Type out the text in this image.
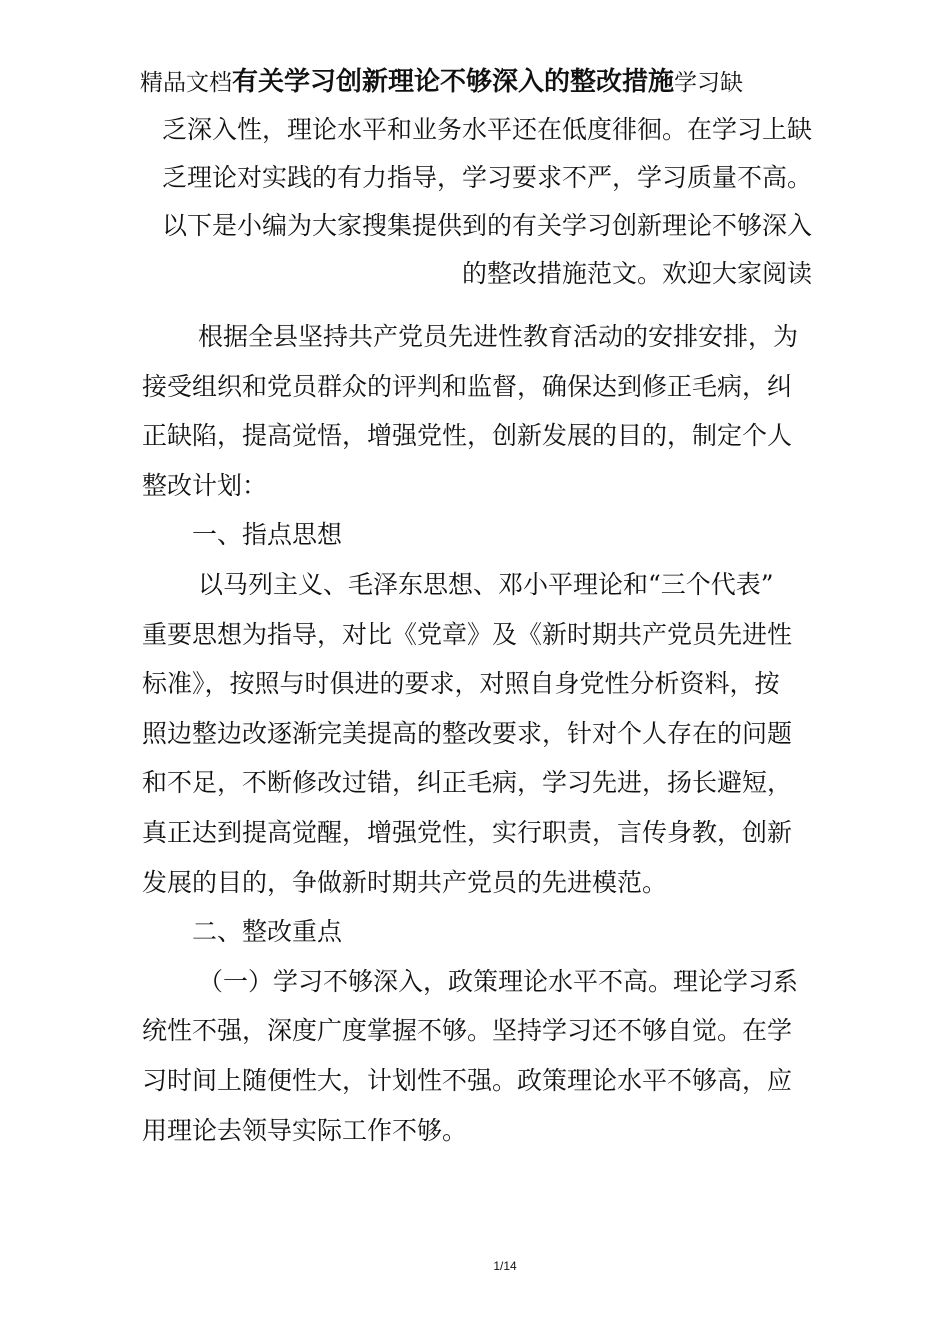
精品文档有关学习创新理论不够深入的整改措施学习缺
乏深入性，理论水平和业务水平还在低度徘徊。在学习上缺
乏理论对实践的有力指导，学习要求不严，学习质量不高。
以下是小编为大家搜集提供到的有关学习创新理论不够深入
的整改措施范文。欢迎大家阅读
根据全县坚持共产党员先进性教育活动的安排安排，为
接受组织和党员群众的评判和监督，确保达到修正毛病，纠
正缺陷，提高觉悟，增强党性，创新发展的目的，制定个人
整改计划：
一、指点思想
以马列主义、毛泽东思想、邓小平理论和“三个代表”
重要思想为指导，对比《党章》及《新时期共产党员先进性
标准》，按照与时俱进的要求，对照自身党性分析资料，按
照边整边改逐渐完美提高的整改要求，针对个人存在的问题
和不足，不断修改过错，纠正毛病，学习先进，扬长避短，
真正达到提高觉醒，增强党性，实行职责，言传身教，创新
发展的目的，争做新时期共产党员的先进模范。
二、整改重点
（一）学习不够深入，政策理论水平不高。理论学习系
统性不强，深度广度掌握不够。坚持学习还不够自觉。在学
习时间上随便性大，计划性不强。政策理论水平不够高，应
用理论去领导实际工作不够。
1/14
